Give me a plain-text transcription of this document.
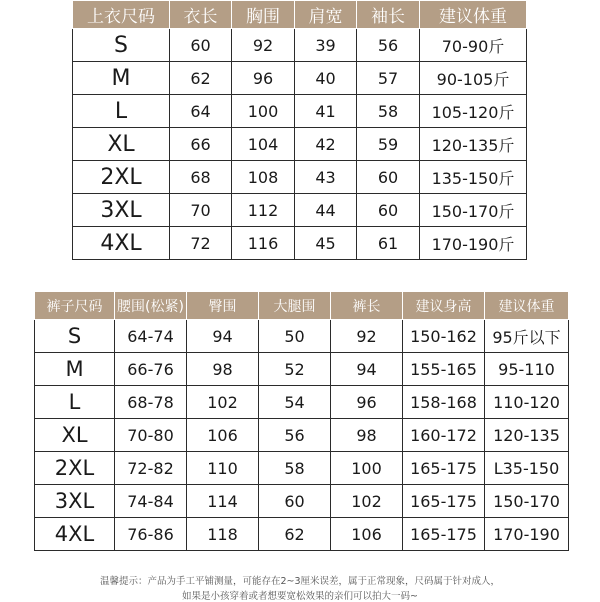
上衣尺码	衣长	胸围	肩宽	袖长	建议体重
S	60	92	39	56	70-90斤
M	62	96	40	57	90-105斤
L	64	100	41	58	105-120斤
XL	66	104	42	59	120-135斤
2XL	68	108	43	60	135-150斤
3XL	70	112	44	60	150-170斤
4XL	72	116	45	61	170-190斤
裤子尺码	腰围(松紧)	臀围	大腿围	裤长	建议身高	建议体重
S	64-74	94	50	92	150-162	95斤以下
M	66-76	98	52	94	155-165	95-110
L	68-78	102	54	96	158-168	110-120
XL	70-80	106	56	98	160-172	120-135
2XL	72-82	110	58	100	165-175	L35-150
3XL	74-84	114	60	102	165-175	150-170
4XL	76-86	118	62	106	165-175	170-190
温馨提示：产品为手工平铺测量，可能存在2~3厘米误差，属于正常现象，尺码属于针对成人，
如果是小孩穿着或者想要宽松效果的亲们可以拍大一码~
